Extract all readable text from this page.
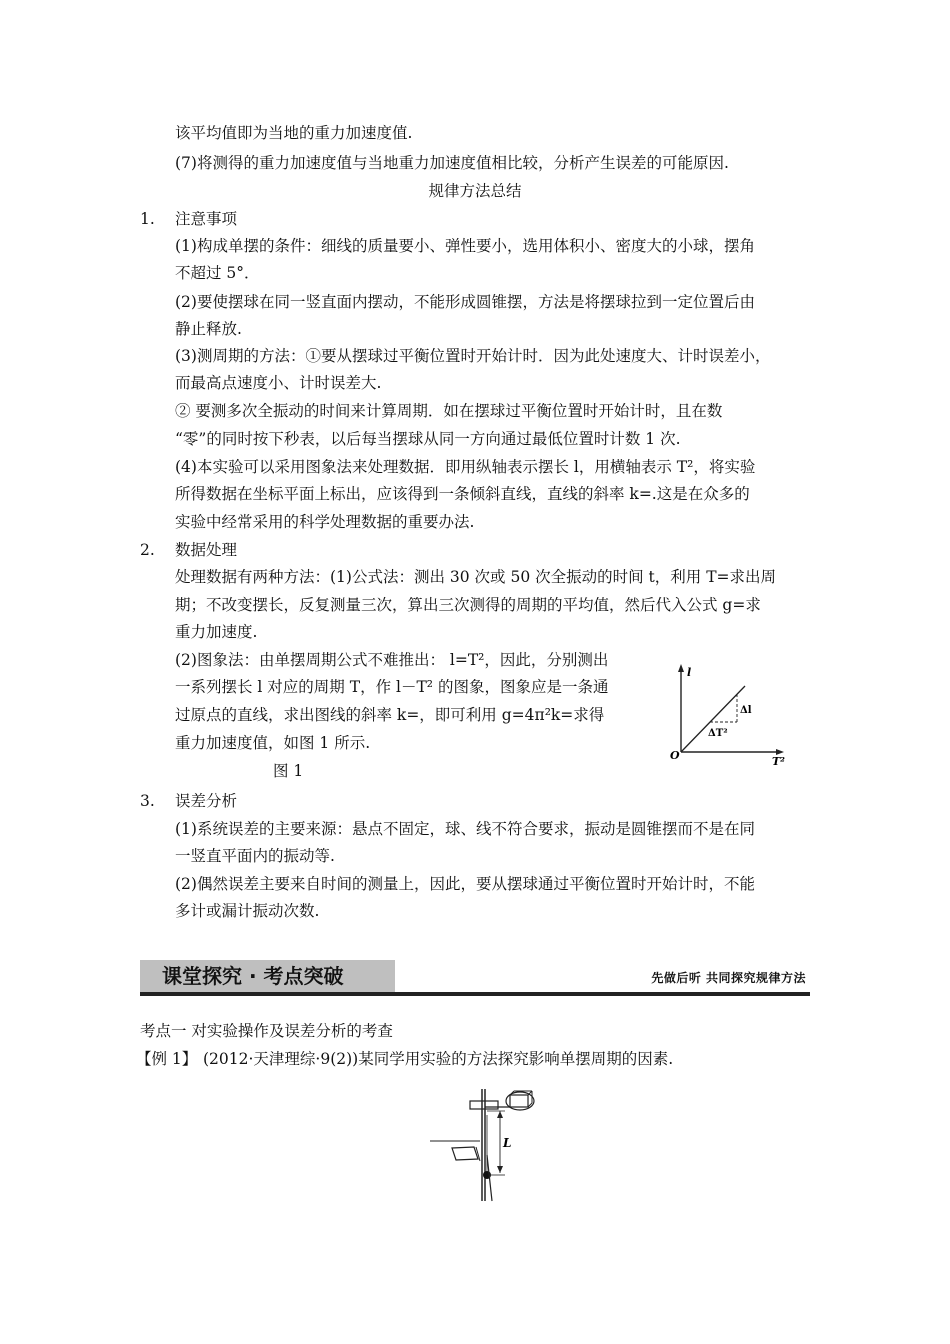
该平均值即为当地的重力加速度值.
(7)将测得的重力加速度值与当地重力加速度值相比较，分析产生误差的可能原因.
规律方法总结
1. 注意事项
(1)构成单摆的条件：细线的质量要小、弹性要小，选用体积小、密度大的小球，摆角
不超过 5°．
(2)要使摆球在同一竖直面内摆动，不能形成圆锥摆，方法是将摆球拉到一定位置后由
静止释放.
(3)测周期的方法：①要从摆球过平衡位置时开始计时．因为此处速度大、计时误差小，
而最高点速度小、计时误差大.
② 要测多次全振动的时间来计算周期．如在摆球过平衡位置时开始计时，且在数
“零”的同时按下秒表，以后每当摆球从同一方向通过最低位置时计数 1 次.
(4)本实验可以采用图象法来处理数据．即用纵轴表示摆长 l，用横轴表示 T²，将实验
所得数据在坐标平面上标出，应该得到一条倾斜直线，直线的斜率 k=.这是在众多的
实验中经常采用的科学处理数据的重要办法.
2. 数据处理
处理数据有两种方法：(1)公式法：测出 30 次或 50 次全振动的时间 t，利用 T=求出周
期；不改变摆长，反复测量三次，算出三次测得的周期的平均值，然后代入公式 g=求
重力加速度.
(2)图象法：由单摆周期公式不难推出： l=T²，因此，分别测出
一系列摆长 l 对应的周期 T，作 l－T² 的图象，图象应是一条通
过原点的直线，求出图线的斜率 k=，即可利用 g=4π²k=求得
重力加速度值，如图 1 所示.
图 1
l
T²
O
Δl
ΔT²
3. 误差分析
(1)系统误差的主要来源：悬点不固定，球、线不符合要求，振动是圆锥摆而不是在同
一竖直平面内的振动等.
(2)偶然误差主要来自时间的测量上，因此，要从摆球通过平衡位置时开始计时，不能
多计或漏计振动次数.
课堂探究 · 考点突破	先做后听 共同探究规律方法
考点一 对实验操作及误差分析的考查
【例 1】 (2012·天津理综·9(2))某同学用实验的方法探究影响单摆周期的因素.
L
